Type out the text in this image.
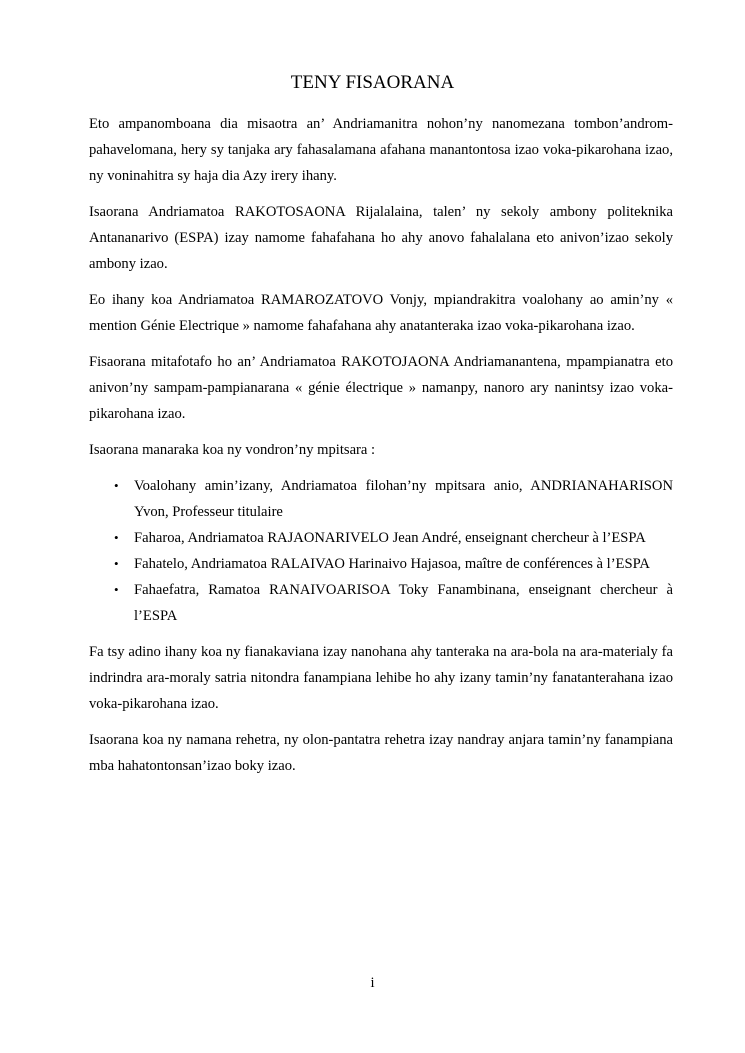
TENY FISAORANA

Eto ampanomboana dia misaotra an’ Andriamanitra nohon’ny nanomezana tombon’androm-pahavelomana, hery sy tanjaka ary fahasalamana afahana manantontosa izao voka-pikarohana izao, ny voninahitra sy haja dia Azy irery ihany.

Isaorana Andriamatoa RAKOTOSAONA Rijalalaina, talen’ ny sekoly ambony politeknika Antananarivo (ESPA) izay namome fahafahana ho ahy anovo fahalalana eto anivon’izao sekoly ambony izao.

Eo ihany koa Andriamatoa RAMAROZATOVO Vonjy, mpiandrakitra voalohany ao amin’ny « mention Génie Electrique » namome fahafahana ahy anatanteraka izao voka-pikarohana izao.

Fisaorana mitafotafo ho an’ Andriamatoa RAKOTOJAONA Andriamanantena, mpampianatra eto anivon’ny sampam-pampianarana « génie électrique » namanpy, nanoro ary nanintsy izao voka-pikarohana izao.

Isaorana manaraka koa ny vondron’ny mpitsara :

• Voalohany amin’izany, Andriamatoa filohan’ny mpitsara anio, ANDRIANAHARISON Yvon, Professeur titulaire
• Faharoa, Andriamatoa RAJAONARIVELO Jean André, enseignant chercheur à l’ESPA
• Fahatelo, Andriamatoa RALAIVAO Harinaivo Hajasoa, maître de conférences à l’ESPA
• Fahaefatra, Ramatoa RANAIVOARISOA Toky Fanambinana, enseignant chercheur à l’ESPA

Fa tsy adino ihany koa ny fianakaviana izay nanohana ahy tanteraka na ara-bola na ara-materialy fa indrindra ara-moraly satria nitondra fanampiana lehibe ho ahy izany tamin’ny fanatanterahana izao voka-pikarohana izao.

Isaorana koa ny namana rehetra, ny olon-pantatra rehetra izay nandray anjara tamin’ny fanampiana mba hahatontonsan’izao boky izao.

i
